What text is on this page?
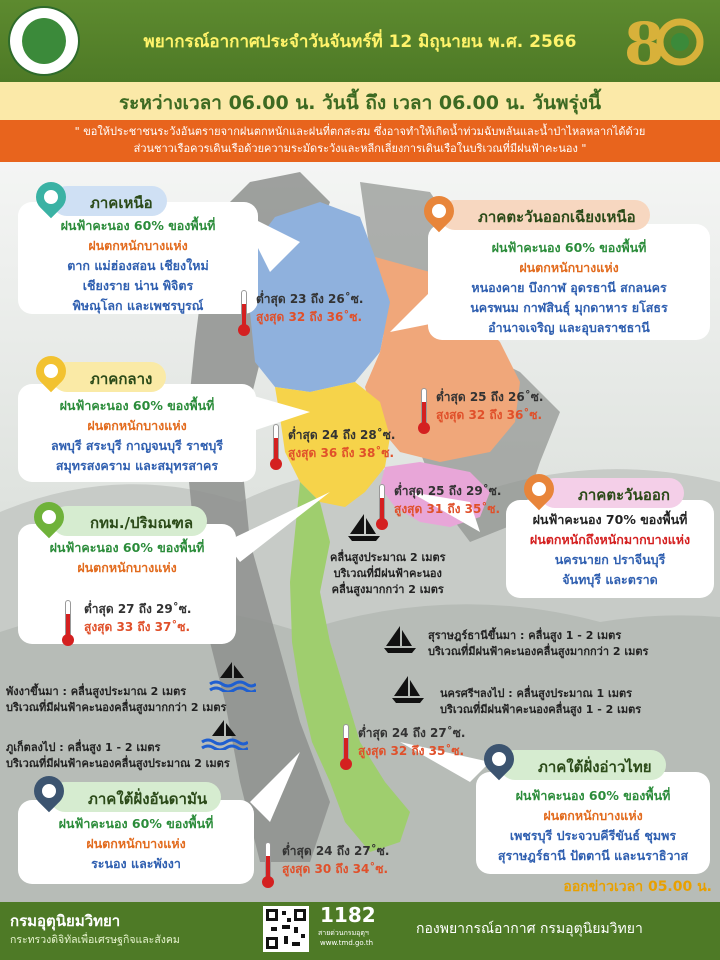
8
พยากรณ์อากาศประจำวันจันทร์ที่ 12 มิถุนายน พ.ศ. 2566
ระหว่างเวลา 06.00 น. วันนี้ ถึง เวลา 06.00 น. วันพรุ่งนี้
" ขอให้ประชาชนระวังอันตรายจากฝนตกหนักและฝนที่ตกสะสม ซึ่งอาจทำให้เกิดน้ำท่วมฉับพลันและน้ำป่าไหลหลากได้ด้วย
ส่วนชาวเรือควรเดินเรือด้วยความระมัดระวังและหลีกเลี่ยงการเดินเรือในบริเวณที่มีฝนฟ้าคะนอง "
ฝนฟ้าคะนอง 60% ของพื้นที่
ฝนตกหนักบางแห่ง
ตาก แม่ฮ่องสอน เชียงใหม่
เชียงราย น่าน พิจิตร
พิษณุโลก และเพชรบูรณ์
ภาคเหนือ
ต่ำสุด 23 ถึง 26˚ซ.
สูงสุด 32 ถึง 36˚ซ.
ฝนฟ้าคะนอง 60% ของพื้นที่
ฝนตกหนักบางแห่ง
หนองคาย บึงกาฬ อุดรธานี สกลนคร
นครพนม กาฬสินธุ์ มุกดาหาร ยโสธร
อำนาจเจริญ และอุบลราชธานี
ภาคตะวันออกเฉียงเหนือ
ต่ำสุด 25 ถึง 26˚ซ.
สูงสุด 32 ถึง 36˚ซ.
ฝนฟ้าคะนอง 60% ของพื้นที่
ฝนตกหนักบางแห่ง
ลพบุรี สระบุรี กาญจนบุรี ราชบุรี
สมุทรสงคราม และสมุทรสาคร
ภาคกลาง
ต่ำสุด 24 ถึง 28˚ซ.
สูงสุด 36 ถึง 38˚ซ.
ฝนฟ้าคะนอง 60% ของพื้นที่
ฝนตกหนักบางแห่ง
กทม./ปริมณฑล
ต่ำสุด 27 ถึง 29˚ซ.
สูงสุด 33 ถึง 37˚ซ.
ฝนฟ้าคะนอง 70% ของพื้นที่
ฝนตกหนักถึงหนักมากบางแห่ง
นครนายก ปราจีนบุรี
จันทบุรี และตราด
ภาคตะวันออก
ต่ำสุด 25 ถึง 29˚ซ.
สูงสุด 31 ถึง 35˚ซ.
คลื่นสูงประมาณ 2 เมตร
บริเวณที่มีฝนฟ้าคะนอง
คลื่นสูงมากกว่า 2 เมตร
สุราษฎร์ธานีขึ้นมา : คลื่นสูง 1 - 2 เมตร
บริเวณที่มีฝนฟ้าคะนองคลื่นสูงมากกว่า 2 เมตร
นครศรีฯลงไป : คลื่นสูงประมาณ 1 เมตร
บริเวณที่มีฝนฟ้าคะนองคลื่นสูง 1 - 2 เมตร
พังงาขึ้นมา : คลื่นสูงประมาณ 2 เมตร
บริเวณที่มีฝนฟ้าคะนองคลื่นสูงมากกว่า 2 เมตร
ภูเก็ตลงไป : คลื่นสูง 1 - 2 เมตร
บริเวณที่มีฝนฟ้าคะนองคลื่นสูงประมาณ 2 เมตร
ฝนฟ้าคะนอง 60% ของพื้นที่
ฝนตกหนักบางแห่ง
เพชรบุรี ประจวบคีรีขันธ์ ชุมพร
สุราษฎร์ธานี ปัตตานี และนราธิวาส
ภาคใต้ฝั่งอ่าวไทย
ต่ำสุด 24 ถึง 27˚ซ.
สูงสุด 32 ถึง 35˚ซ.
ฝนฟ้าคะนอง 60% ของพื้นที่
ฝนตกหนักบางแห่ง
ระนอง และพังงา
ภาคใต้ฝั่งอันดามัน
ต่ำสุด 24 ถึง 27˚ซ.
สูงสุด 30 ถึง 34˚ซ.
ออกข่าวเวลา 05.00 น.
กรมอุตุนิยมวิทยา
กระทรวงดิจิทัลเพื่อเศรษฐกิจและสังคม
1182
สายด่วนกรมอุตุฯ
www.tmd.go.th
กองพยากรณ์อากาศ กรมอุตุนิยมวิทยา
